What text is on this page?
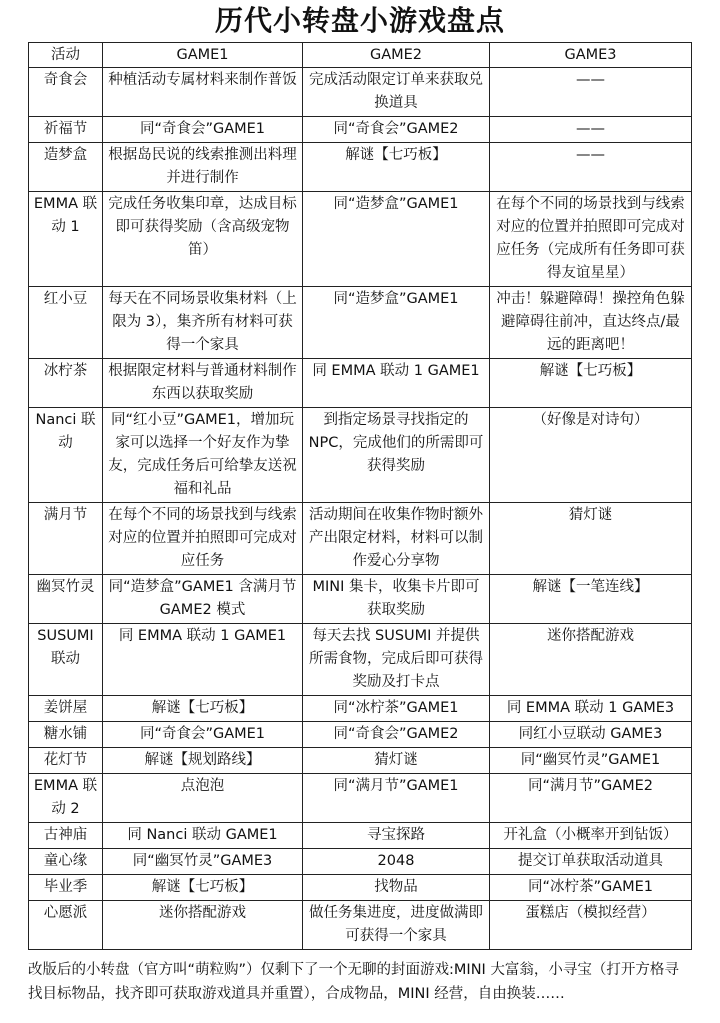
历代小转盘小游戏盘点
活动	GAME1	GAME2	GAME3
奇食会	种植活动专属材料来制作普饭	完成活动限定订单来获取兑换道具	——
祈福节	同“奇食会”GAME1	同“奇食会”GAME2	——
造梦盒	根据岛民说的线索推测出料理并进行制作	解谜【七巧板】	——
EMMA 联动 1	完成任务收集印章，达成目标即可获得奖励（含高级宠物笛）	同“造梦盒”GAME1	在每个不同的场景找到与线索对应的位置并拍照即可完成对应任务（完成所有任务即可获得友谊星星）
红小豆	每天在不同场景收集材料（上限为 3），集齐所有材料可获得一个家具	同“造梦盒”GAME1	冲击！躲避障碍！操控角色躲避障碍往前冲，直达终点/最远的距离吧！
冰柠茶	根据限定材料与普通材料制作东西以获取奖励	同 EMMA 联动 1 GAME1	解谜【七巧板】
Nanci 联动	同“红小豆”GAME1，增加玩家可以选择一个好友作为挚友，完成任务后可给挚友送祝福和礼品	到指定场景寻找指定的NPC，完成他们的所需即可获得奖励	（好像是对诗句）
满月节	在每个不同的场景找到与线索对应的位置并拍照即可完成对应任务	活动期间在收集作物时额外产出限定材料，材料可以制作爱心分享物	猜灯谜
幽冥竹灵	同“造梦盒”GAME1 含满月节 GAME2 模式	MINI 集卡，收集卡片即可获取奖励	解谜【一笔连线】
SUSUMI 联动	同 EMMA 联动 1 GAME1	每天去找 SUSUMI 并提供所需食物，完成后即可获得奖励及打卡点	迷你搭配游戏
姜饼屋	解谜【七巧板】	同“冰柠茶”GAME1	同 EMMA 联动 1 GAME3
糖水铺	同“奇食会”GAME1	同“奇食会”GAME2	同红小豆联动 GAME3
花灯节	解谜【规划路线】	猜灯谜	同“幽冥竹灵”GAME1
EMMA 联动 2	点泡泡	同“满月节”GAME1	同“满月节”GAME2
古神庙	同 Nanci 联动 GAME1	寻宝探路	开礼盒（小概率开到钻饭）
童心缘	同“幽冥竹灵”GAME3	2048	提交订单获取活动道具
毕业季	解谜【七巧板】	找物品	同“冰柠茶”GAME1
心愿派	迷你搭配游戏	做任务集进度，进度做满即可获得一个家具	蛋糕店（模拟经营）
改版后的小转盘（官方叫“萌粒购”）仅剩下了一个无聊的封面游戏:MINI 大富翁，小寻宝（打开方格寻找目标物品，找齐即可获取游戏道具并重置），合成物品，MINI 经营，自由换装……
